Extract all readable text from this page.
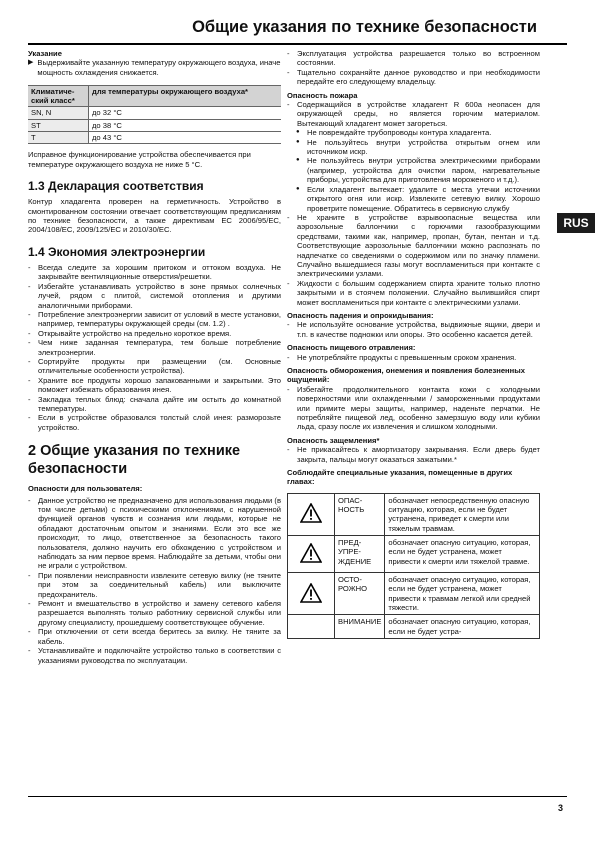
Общие указания по технике безопасности
RUS

Указание

▶ Выдерживайте указанную температуру окружающего воздуха, иначе мощность охлаждения снижается.

Климатиче-ский класс*	для температуры окружающего воздуха*
SN, N	до 32 °C
ST	до 38 °C
T	до 43 °C

Исправное функционирование устройства обеспечивается при температуре окружающего воздуха не ниже 5 °C.

1.3 Декларация соответствия

Контур хладагента проверен на герметичность. Устройство в смонтированном состоянии отвечает соответствующим предписаниям по технике безопасности, а также директивам ЕС 2006/95/EC, 2004/108/EC, 2009/125/EC и 2010/30/EC.

1.4 Экономия электроэнергии

- Всегда следите за хорошим притоком и оттоком воздуха. Не закрывайте вентиляционные отверстия/решетки.
- Избегайте устанавливать устройство в зоне прямых солнечных лучей, рядом с плитой, системой отопления и другими аналогичными приборами.
- Потребление электроэнергии зависит от условий в месте установки, например, температуры окружающей среды (см. 1.2) .
- Открывайте устройство на предельно короткое время.
- Чем ниже заданная температура, тем больше потребление электроэнергии.
- Сортируйте продукты при размещении (см. Основные отличительные особенности устройства).
- Храните все продукты хорошо запакованными и закрытыми. Это поможет избежать образования инея.
- Закладка теплых блюд: сначала дайте им остыть до комнатной температуры.
- Если в устройстве образовался толстый слой инея: разморозьте устройство.

2 Общие указания по технике безопасности

Опасности для пользователя:

- Данное устройство не предназначено для использования людьми (в том числе детьми) с психическими отклонениями, с нарушенной функцией органов чувств и сознания или людьми, которые не обладают достаточным опытом и знаниями. Если это все же происходит, то лицо, ответственное за безопасность такого пользователя, должно научить его обхождению с устройством и наблюдать за ним первое время. Наблюдайте за детьми, чтобы они не играли с устройством.
- При появлении неисправности извлеките сетевую вилку (не тяните при этом за соединительный кабель) или выключите предохранитель.
- Ремонт и вмешательство в устройство и замену сетевого кабеля разрешается выполнять только работнику сервисной службы или другому специалисту, прошедшему соответствующее обучение.
- При отключении от сети всегда беритесь за вилку. Не тяните за кабель.
- Устанавливайте и подключайте устройство только в соответствии с указаниями руководства по эксплуатации.
- Эксплуатация устройства разрешается только во встроенном состоянии.
- Тщательно сохраняйте данное руководство и при необходимости передайте его следующему владельцу.

Опасность пожара

- Содержащийся в устройстве хладагент R 600a неопасен для окружающей среды, но является горючим материалом. Вытекающий хладагент может загореться.
● Не повреждайте трубопроводы контура хладагента.
● Не пользуйтесь внутри устройства открытым огнем или источником искр.
● Не пользуйтесь внутри устройства электрическими приборами (например, устройства для очистки паром, нагревательные приборы, устройства для приготовления мороженого и т.д.).
● Если хладагент вытекает: удалите с места утечки источники открытого огня или искр. Извлеките сетевую вилку. Хорошо проветрите помещение. Обратитесь в сервисную службу
- Не храните в устройстве взрывоопасные вещества или аэрозольные баллончики с горючими газообразующими средствами, такими как, например, пропан, бутан, пентан и т.д. Соответствующие аэрозольные баллончики можно распознать по надпечатке со сведениями о содержимом или по значку пламени. Случайно вышедшиеся газы могут воспламениться при контакте с электрическими узлами.
- Жидкости с большим содержанием спирта храните только плотно закрытыми и в стоячем положении. Случайно вылившийся спирт может воспламениться при контакте с электрическими узлами.

Опасность падения и опрокидывания:

- Не используйте основание устройства, выдвижные ящики, двери и т.п. в качестве подножки или опоры. Это особенно касается детей.

Опасность пищевого отравления:

- Не употребляйте продукты с превышенным сроком хранения.

Опасность обморожения, онемения и появления болезненных ощущений:

- Избегайте продолжительного контакта кожи с холодными поверхностями или охлажденными / замороженными продуктами или примите меры защиты, например, наденьте перчатки. Не потребляйте пищевой лед, особенно замерзшую воду или кубики льда, сразу после их извлечения и слишком холодными.

Опасность защемления*

- Не прикасайтесь к амортизатору закрывания. Если дверь будет закрыта, пальцы могут оказаться зажатыми.*

Соблюдайте специальные указания, помещенные в других главах:

	ОПАС-НОСТЬ	обозначает непосредственную опасную ситуацию, которая, если не будет устранена, приведет к смерти или тяжелым травмам.
	ПРЕД-УПРЕ-ЖДЕНИЕ	обозначает опасную ситуацию, которая, если не будет устранена, может привести к смерти или тяжелой травме.
	ОСТО-РОЖНО	обозначает опасную ситуацию, которая, если не будет устранена, может привести к травмам легкой или средней тяжести.
	ВНИМАНИЕ	обозначает опасную ситуацию, которая, если не будет устра-
3
